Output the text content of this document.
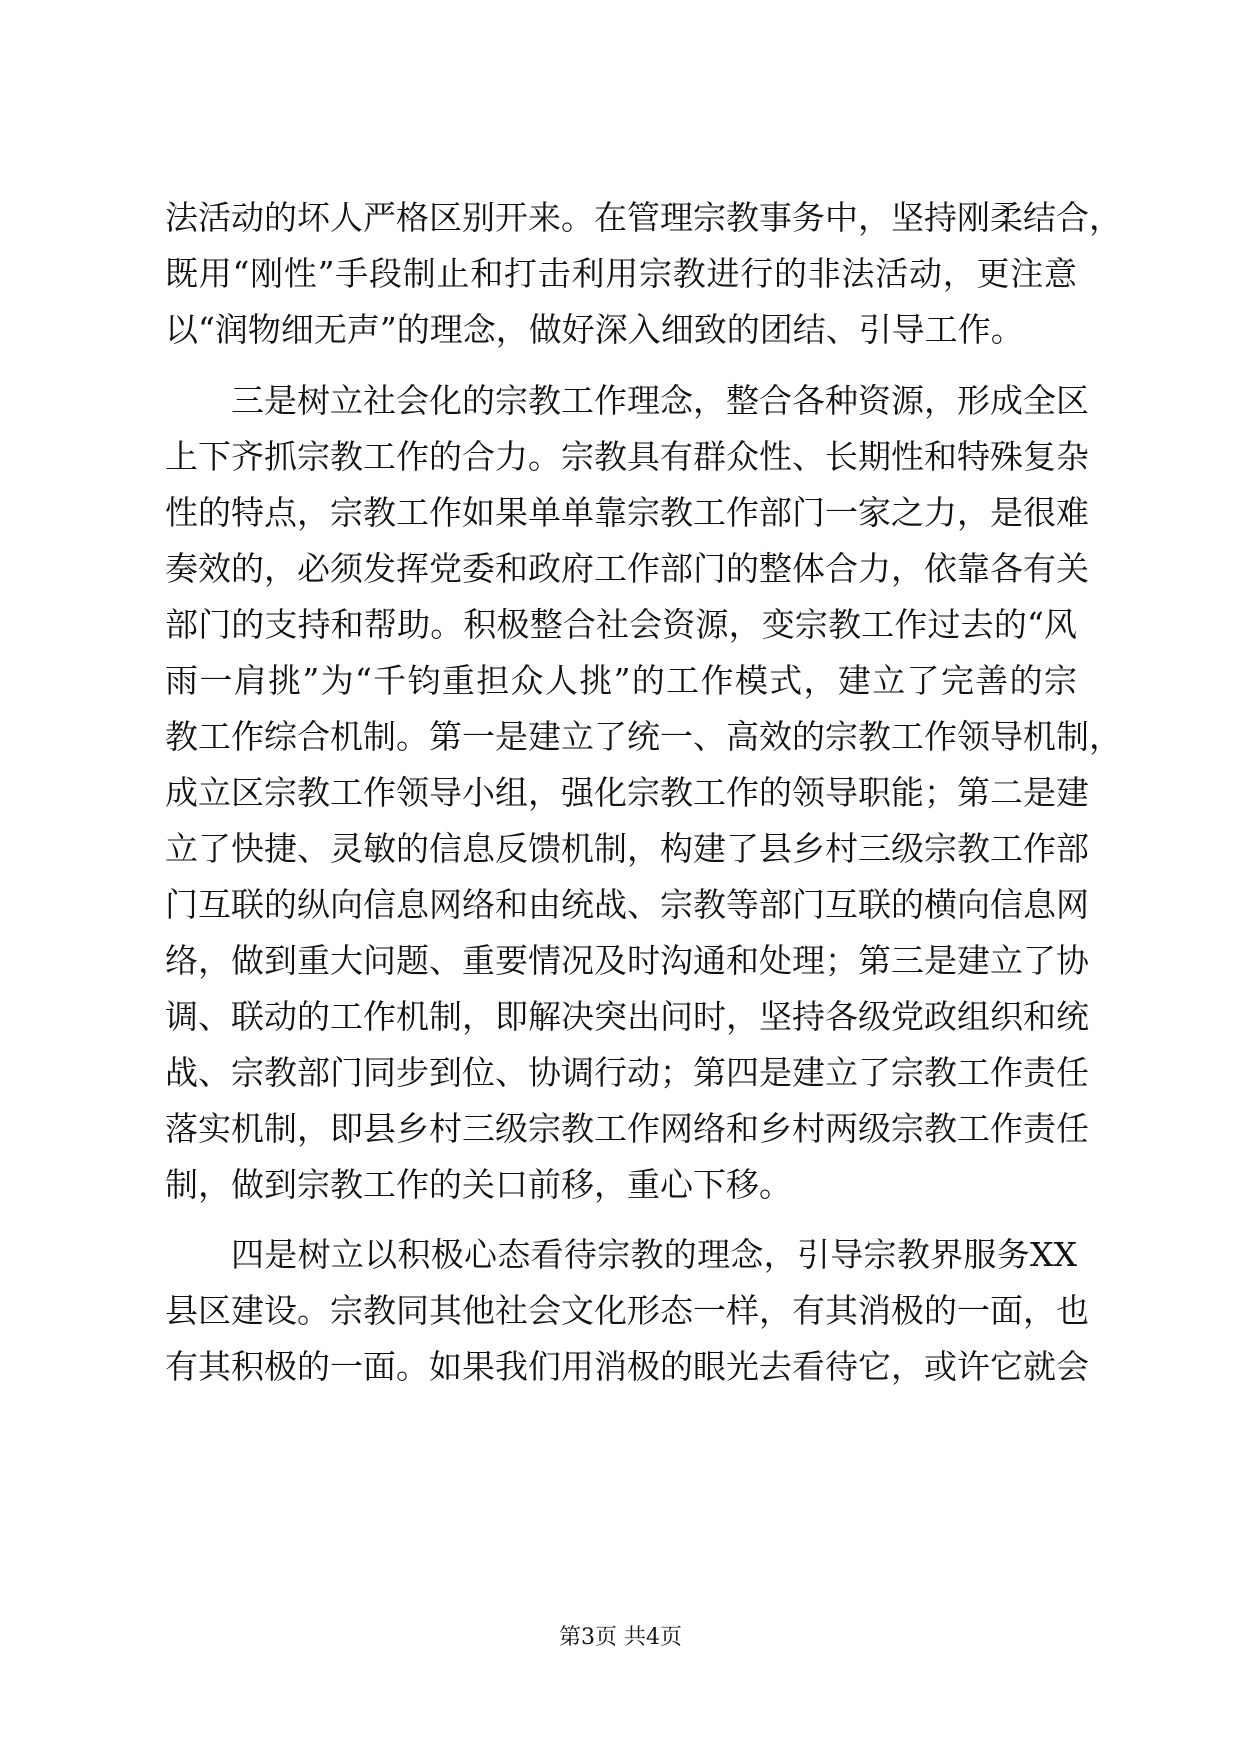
法活动的坏人严格区别开来。在管理宗教事务中，坚持刚柔结合，
既用“刚性”手段制止和打击利用宗教进行的非法活动，更注意
以“润物细无声”的理念，做好深入细致的团结、引导工作。
三是树立社会化的宗教工作理念，整合各种资源，形成全区
上下齐抓宗教工作的合力。宗教具有群众性、长期性和特殊复杂
性的特点，宗教工作如果单单靠宗教工作部门一家之力，是很难
奏效的，必须发挥党委和政府工作部门的整体合力，依靠各有关
部门的支持和帮助。积极整合社会资源，变宗教工作过去的“风
雨一肩挑”为“千钧重担众人挑”的工作模式，建立了完善的宗
教工作综合机制。第一是建立了统一、高效的宗教工作领导机制，
成立区宗教工作领导小组，强化宗教工作的领导职能；第二是建
立了快捷、灵敏的信息反馈机制，构建了县乡村三级宗教工作部
门互联的纵向信息网络和由统战、宗教等部门互联的横向信息网
络，做到重大问题、重要情况及时沟通和处理；第三是建立了协
调、联动的工作机制，即解决突出问时，坚持各级党政组织和统
战、宗教部门同步到位、协调行动；第四是建立了宗教工作责任
落实机制，即县乡村三级宗教工作网络和乡村两级宗教工作责任
制，做到宗教工作的关口前移，重心下移。
四是树立以积极心态看待宗教的理念，引导宗教界服务XX
县区建设。宗教同其他社会文化形态一样，有其消极的一面，也
有其积极的一面。如果我们用消极的眼光去看待它，或许它就会
第3页 共4页
